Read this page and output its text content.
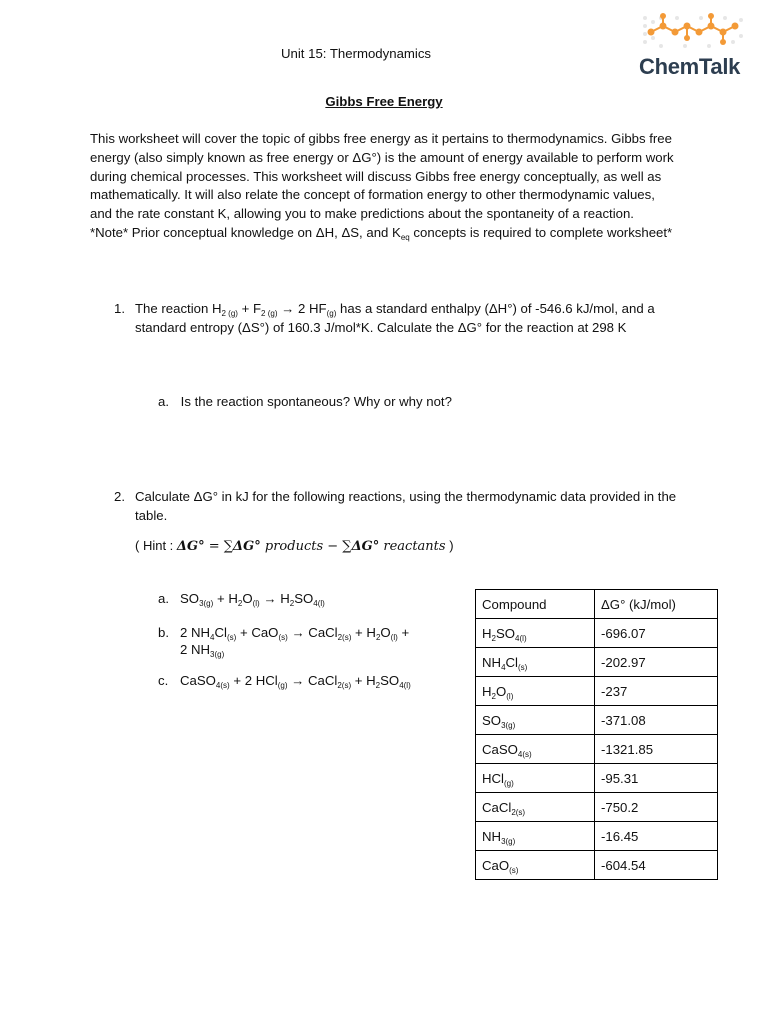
Unit 15: Thermodynamics
ChemTalk
Gibbs Free Energy

This worksheet will cover the topic of gibbs free energy as it pertains to thermodynamics. Gibbs free energy (also simply known as free energy or ΔG°) is the amount of energy available to perform work during chemical processes. This worksheet will discuss Gibbs free energy conceptually, as well as mathematically. It will also relate the concept of formation energy to other thermodynamic values, and the rate constant K, allowing you to make predictions about the spontaneity of a reaction.

*Note* Prior conceptual knowledge on ΔH, ΔS, and $K_{eq}$ concepts is required to complete worksheet*

1. The reaction $H_{2 (g)} + F_{2 (g)} \to 2$ $HF_{(g)}$ has a standard enthalpy (ΔH°) of -546.6 kJ/mol, and a standard entropy (ΔS°) of 160.3 J/mol*K. Calculate the ΔG° for the reaction at 298 K
a. Is the reaction spontaneous? Why or why not?
2. Calculate ΔG° in kJ for the following reactions, using the thermodynamic data provided in the table.
( Hint : ΔG° = ∑ΔG° products − ∑ΔG° reactants )
a. $SO_{3(g)} + H_2O_{(l)} \to H_2SO_{4(l)}$
b. 2 $NH_4Cl_{(s)} + CaO_{(s)}$ → CaCl$_{2(s)}$ + $H_2O_{(l)}$ +
2 $NH_{3(g)}$
c. CaSO$_{4(s)}$ + 2 HCl$_{(g)}$ → CaCl$_{2(s)}$ + $H_2SO_{4(l)}$
Compound	ΔG° (kJ/mol)
$H_2SO_{4(l)}$	-696.07
$NH_4Cl_{(s)}$	-202.97
$H_2O_{(l)}$	-237
$SO_{3(g)}$	-371.08
CaSO$_{4(s)}$	-1321.85
HCl$_{(g)}$	-95.31
CaCl$_{2(s)}$	-750.2
$NH_{3(g)}$	-16.45
CaO$_{(s)}$	-604.54
